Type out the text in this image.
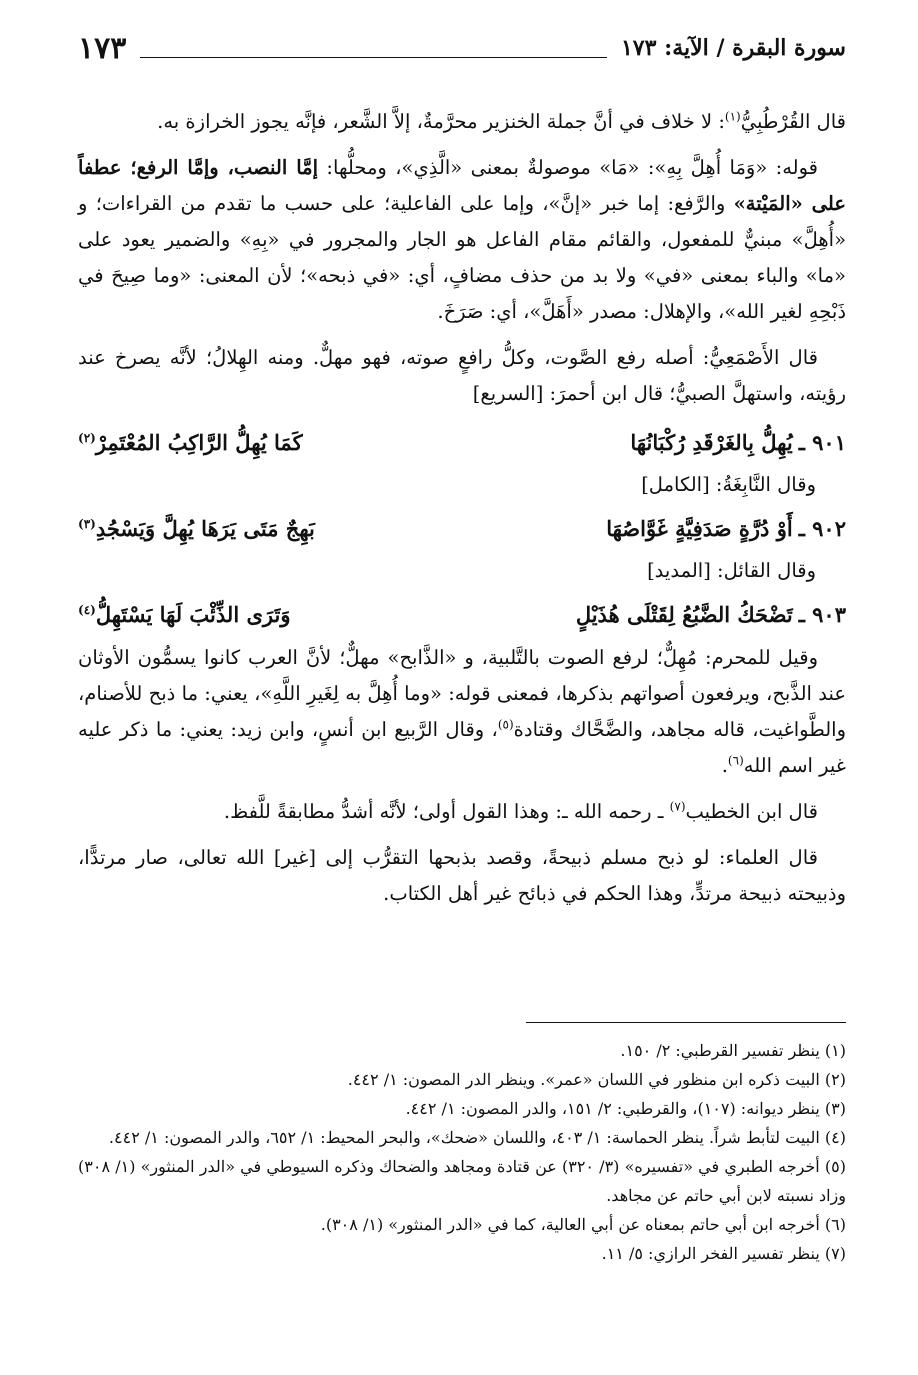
سورة البقرة / الآية: ١٧٣
١٧٣

قال القُرْطُبِيُّ$^{(١)}$: لا خلاف في أنَّ جملة الخنزير محرَّمةٌ، إلاَّ الشَّعر، فإنَّه يجوز الخرازة به.

قوله: «وَمَا أُهِلَّ بِهِ»: «مَا» موصولةٌ بمعنى «الَّذِي»، ومحلُّها: إمَّا النصب، وإمَّا الرفع؛ عطفاً على «المَيْتة» والرَّفع: إما خبر «إنَّ»، وإما على الفاعلية؛ على حسب ما تقدم من القراءات؛ و «أُهِلَّ» مبنيٌّ للمفعول، والقائم مقام الفاعل هو الجار والمجرور في «بِهِ» والضمير يعود على «ما» والباء بمعنى «في» ولا بد من حذف مضافٍ، أي: «في ذبحه»؛ لأن المعنى: «وما صِيحَ في ذَبْحِهِ لغير الله»، والإهلال: مصدر «أَهَلَّ»، أي: صَرَخَ.

قال الأَصْمَعِيُّ: أصله رفع الصَّوت، وكلُّ رافعٍ صوته، فهو مهلٌّ. ومنه الهِلالُ؛ لأنَّه يصرخ عند رؤيته، واستهلَّ الصبيُّ؛ قال ابن أحمرَ: [السريع]

٩٠١ ـ
يُهِلُّ بِالغَرْقَدِ رُكْبَانُهَا
كَمَا يُهِلُّ الرَّاكِبُ المُعْتَمِرْ$^{(٢)}$
وقال النَّابِغَةُ: [الكامل]
٩٠٢ ـ
أَوْ دُرَّةٍ صَدَفِيَّةٍ غَوَّاصُهَا
بَهِجٌ مَتَى يَرَهَا يُهِلَّ وَيَسْجُدِ$^{(٣)}$
وقال القائل: [المديد]
٩٠٣ ـ
تَضْحَكُ الضَّبُعُ لِقَتْلَى هُذَيْلٍ
وَتَرَى الذِّئْبَ لَهَا يَسْتَهِلُّ$^{(٤)}$

وقيل للمحرم: مُهِلٌّ؛ لرفع الصوت بالتَّلبية، و «الذَّابح» مهلٌّ؛ لأنَّ العرب كانوا يسمُّون الأوثان عند الذَّبح، ويرفعون أصواتهم بذكرها، فمعنى قوله: «وما أُهِلَّ به لِغَيرِ اللَّهِ»، يعني: ما ذبح للأصنام، والطَّواغيت، قاله مجاهد، والضَّحَّاك وقتادة$^{(٥)}$، وقال الرَّبيع ابن أنسٍ، وابن زيد: يعني: ما ذكر عليه غير اسم الله$^{(٦)}$.

قال ابن الخطيب$^{(٧)}$ ـ رحمه الله ـ: وهذا القول أولى؛ لأنَّه أشدُّ مطابقةً للَّفظ.

قال العلماء: لو ذبح مسلم ذبيحةً، وقصد بذبحها التقرُّب إلى [غير] الله تعالى، صار مرتدًّا، وذبيحته ذبيحة مرتدٍّ، وهذا الحكم في ذبائح غير أهل الكتاب.

(١) ينظر تفسير القرطبي: ٢/ ١٥٠.

(٢) البيت ذكره ابن منظور في اللسان «عمر». وينظر الدر المصون: ١/ ٤٤٢.

(٣) ينظر ديوانه: (١٠٧)، والقرطبي: ٢/ ١٥١، والدر المصون: ١/ ٤٤٢.

(٤) البيت لتأبط شراً. ينظر الحماسة: ١/ ٤٠٣، واللسان «ضحك»، والبحر المحيط: ١/ ٦٥٢، والدر المصون: ١/ ٤٤٢.

(٥) أخرجه الطبري في «تفسيره» (٣/ ٣٢٠) عن قتادة ومجاهد والضحاك وذكره السيوطي في «الدر المنثور» (١/ ٣٠٨) وزاد نسبته لابن أبي حاتم عن مجاهد.

(٦) أخرجه ابن أبي حاتم بمعناه عن أبي العالية، كما في «الدر المنثور» (١/ ٣٠٨).

(٧) ينظر تفسير الفخر الرازي: ٥/ ١١.
